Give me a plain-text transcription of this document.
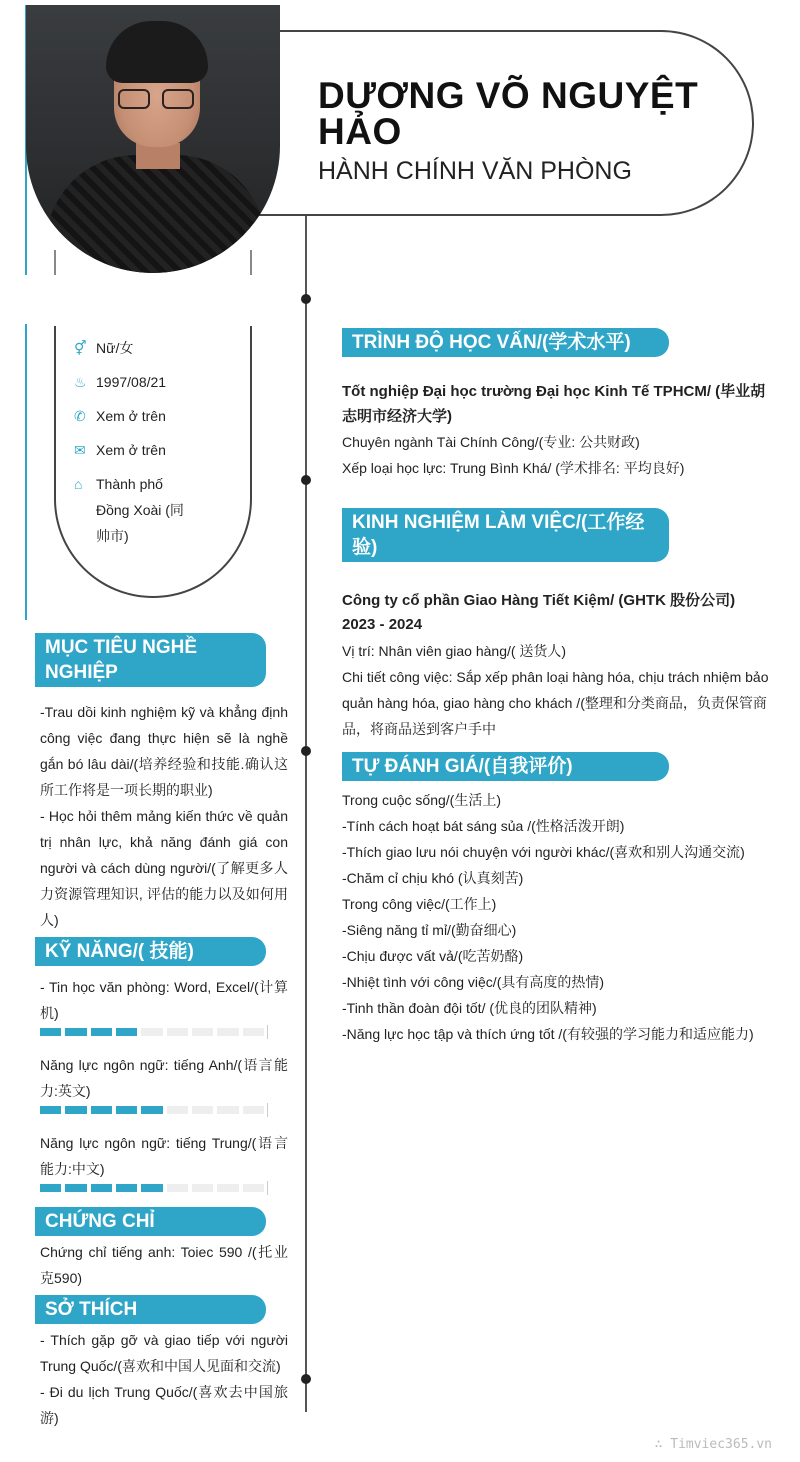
DƯƠNG VÕ NGUYỆT HẢO
HÀNH CHÍNH VĂN PHÒNG
⚥ Nữ/女
♨ 1997/08/21
✆ Xem ở trên
✉ Xem ở trên
⌂ Thành phố Đồng Xoài (同帅市)
MỤC TIÊU NGHỀ NGHIỆP
-Trau dồi kinh nghiệm kỹ và khẳng định công việc đang thực hiện sẽ là nghề gắn bó lâu dài/(培养经验和技能.确认这所工作将是一项长期的职业)
- Học hỏi thêm mảng kiến thức về quản trị nhân lực, khả năng đánh giá con người và cách dùng người/(了解更多人力资源管理知识, 评估的能力以及如何用人)
KỸ NĂNG/( 技能)
- Tin học văn phòng: Word, Excel/(计算机)
Năng lực ngôn ngữ: tiếng Anh/(语言能力:英文)
Năng lực ngôn ngữ: tiếng Trung/(语言能力:中文)
CHỨNG CHỈ
Chứng chỉ tiếng anh: Toiec 590 /(托业克590)
SỞ THÍCH
- Thích gặp gỡ và giao tiếp với người Trung Quốc/(喜欢和中国人见面和交流)
- Đi du lịch Trung Quốc/(喜欢去中国旅游)
TRÌNH ĐỘ HỌC VẤN/(学术水平)
Tốt nghiệp Đại học trường Đại học Kinh Tế TPHCM/ (毕业胡志明市经济大学)
Chuyên ngành Tài Chính Công/(专业: 公共财政)
Xếp loại học lực: Trung Bình Khá/ (学术排名: 平均良好)
KINH NGHIỆM LÀM VIỆC/(工作经验)
Công ty cổ phần Giao Hàng Tiết Kiệm/ (GHTK 股份公司)
2023 - 2024
Vị trí: Nhân viên giao hàng/( 送货人)
Chi tiết công việc: Sắp xếp phân loại hàng hóa, chịu trách nhiệm bảo quản hàng hóa, giao hàng cho khách /(整理和分类商品，负责保管商品，将商品送到客户手中
TỰ ĐÁNH GIÁ/(自我评价)
Trong cuộc sống/(生活上)
-Tính cách hoạt bát sáng sủa /(性格活泼开朗)
-Thích giao lưu nói chuyện với người khác/(喜欢和别人沟通交流)
-Chăm cỉ chịu khó (认真刻苦)
Trong công việc/(工作上)
-Siêng năng tỉ mỉ/(勤奋细心)
-Chịu được vất vả/(吃苦奶酪)
-Nhiệt tình với công việc/(具有高度的热情)
-Tinh thần đoàn đội tốt/ (优良的团队精神)
-Năng lực học tập và thích ứng tốt /(有较强的学习能力和适应能力)
∴ Timviec365.vn
